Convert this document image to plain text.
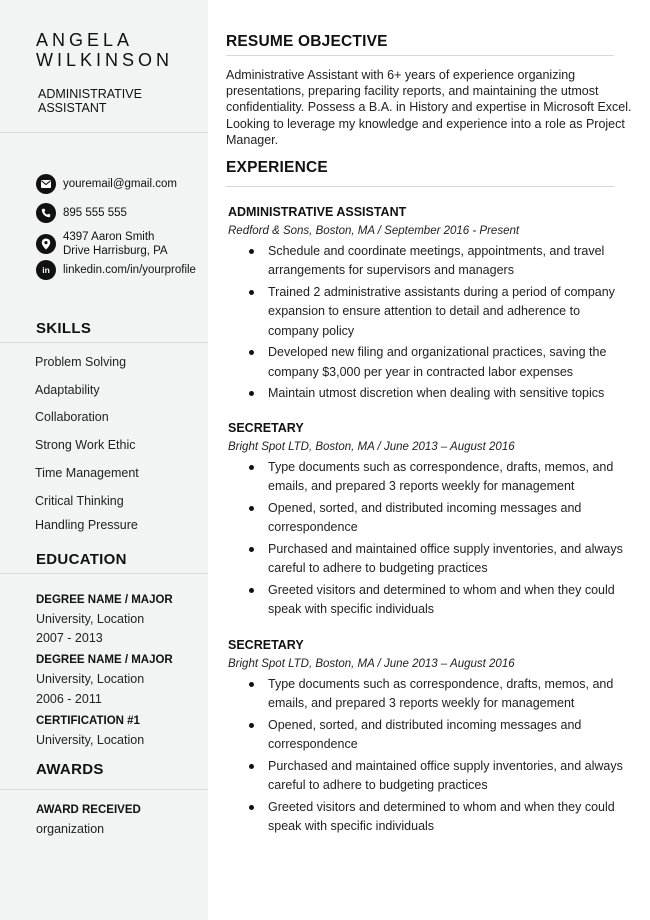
ANGELA
WILKINSON
ADMINISTRATIVE ASSISTANT
youremail@gmail.com
895 555 555
4397 Aaron Smith
Drive Harrisburg, PA
in linkedin.com/in/yourprofile
SKILLS
Problem Solving
Adaptability
Collaboration
Strong Work Ethic
Time Management
Critical Thinking
Handling Pressure
EDUCATION
DEGREE NAME / MAJOR
University, Location
2007 - 2013
DEGREE NAME / MAJOR
University, Location
2006 - 2011
CERTIFICATION #1
University, Location
AWARDS
AWARD RECEIVED
organization
RESUME OBJECTIVE
Administrative Assistant with 6+ years of experience organizing presentations, preparing facility reports, and maintaining the utmost confidentiality. Possess a B.A. in History and expertise in Microsoft Excel. Looking to leverage my knowledge and experience into a role as Project Manager.
EXPERIENCE
ADMINISTRATIVE ASSISTANT
Redford & Sons, Boston, MA / September 2016 - Present
Schedule and coordinate meetings, appointments, and travel arrangements for supervisors and managers
Trained 2 administrative assistants during a period of company expansion to ensure attention to detail and adherence to company policy
Developed new filing and organizational practices, saving the company $3,000 per year in contracted labor expenses
Maintain utmost discretion when dealing with sensitive topics
SECRETARY
Bright Spot LTD, Boston, MA / June 2013 – August 2016
Type documents such as correspondence, drafts, memos, and emails, and prepared 3 reports weekly for management
Opened, sorted, and distributed incoming messages and correspondence
Purchased and maintained office supply inventories, and always careful to adhere to budgeting practices
Greeted visitors and determined to whom and when they could speak with specific individuals
SECRETARY
Bright Spot LTD, Boston, MA / June 2013 – August 2016
Type documents such as correspondence, drafts, memos, and emails, and prepared 3 reports weekly for management
Opened, sorted, and distributed incoming messages and correspondence
Purchased and maintained office supply inventories, and always careful to adhere to budgeting practices
Greeted visitors and determined to whom and when they could speak with specific individuals
